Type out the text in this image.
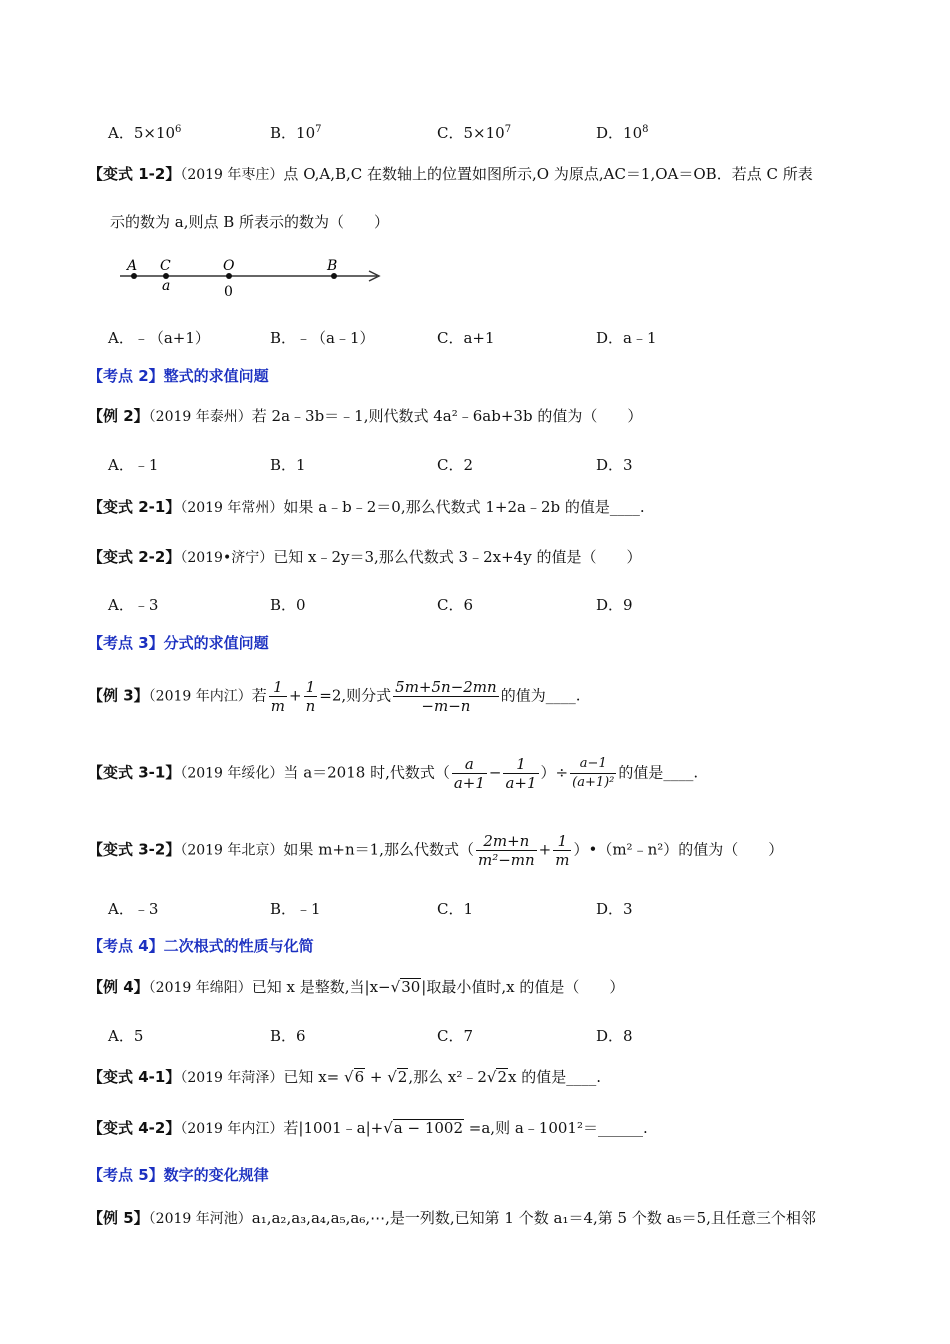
A．$5\times 10^6$	B．$10^7$	C．$5\times 10^7$	D．$10^8$
【变式 1-2】（2019 年枣庄）点 O,A,B,C 在数轴上的位置如图所示,O 为原点,AC＝1,OA＝OB．若点 C 所表
示的数为 a,则点 B 所表示的数为（　　）
A C	O	B
a	0
A．﹣（a+1）	B．﹣（a﹣1）	C．a+1	D．a﹣1
【考点 2】整式的求值问题
【例 2】（2019 年泰州）若 2a﹣3b＝﹣1,则代数式 4a²﹣6ab+3b 的值为（　　）
A．﹣1	B．1	C．2	D．3
【变式 2-1】（2019 年常州）如果 a﹣b﹣2＝0,那么代数式 1+2a﹣2b 的值是____.
【变式 2-2】（2019•济宁）已知 x﹣2y＝3,那么代数式 3﹣2x+4y 的值是（　　）
A．﹣3	B．0	C．6	D．9
【考点 3】分式的求值问题
【例 3】（2019 年内江）若 $\frac{1}{m} + \frac{1}{n} =2$,则分式 $\frac{5m+5n-2mn}{-m-n}$ 的值为____.
【变式 3-1】（2019 年绥化）当 a＝2018 时,代数式（ $\frac{a}{a+1} - \frac{1}{a+1}$ ）÷ $\frac{a-1}{\text{(a+1)²}}$ 的值是____.
【变式 3-2】（2019 年北京）如果 m+n＝1,那么代数式（ $\frac{2m+n}{\text{m²−mn}} + \frac{1}{m}$ ）•（m²﹣n²）的值为（　　）
A．﹣3	B．﹣1	C．1	D．3
【考点 4】二次根式的性质与化简
【例 4】（2019 年绵阳）已知 x 是整数,当|x−√30|取最小值时,x 的值是（　　）
A．5	B．6	C．7	D．8
【变式 4-1】（2019 年菏泽）已知 x= √6 + √2,那么 x²﹣2√2x 的值是____.
【变式 4-2】（2019 年内江）若|1001﹣a|+√a − 1002 =a,则 a﹣1001²＝______.
【考点 5】数字的变化规律
【例 5】（2019 年河池）a₁,a₂,a₃,a₄,a₅,a₆,⋯,是一列数,已知第 1 个数 a₁＝4,第 5 个数 a₅＝5,且任意三个相邻
